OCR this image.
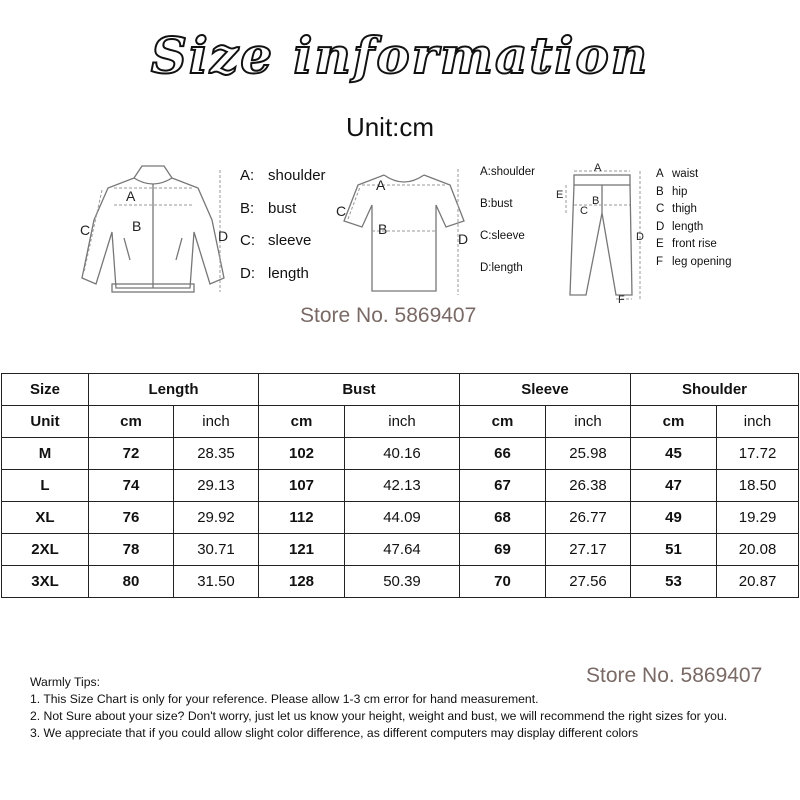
Size information
Unit:cm
A
B
C	D
A: shoulder
B: bust
C: sleeve
D: length
A
B
C
D
A: shoulder
B: bust
C: sleeve
D: length
A
B
C
D
E
F
A waist
B hip
C thigh
D length
E front rise
F leg opening
Store No. 5869407
Size	Length		Bust		Sleeve		Shoulder	
Unit	cm	inch	cm	inch	cm	inch	cm	inch
M	72	28.35	102	40.16	66	25.98	45	17.72
L	74	29.13	107	42.13	67	26.38	47	18.50
XL	76	29.92	112	44.09	68	26.77	49	19.29
2XL	78	30.71	121	47.64	69	27.17	51	20.08
3XL	80	31.50	128	50.39	70	27.56	53	20.87
Store No. 5869407
Warmly Tips:
1. This Size Chart is only for your reference. Please allow 1-3 cm error for hand measurement.
2. Not Sure about your size? Don't worry, just let us know your height, weight and bust, we will recommend the right sizes for you.
3. We appreciate that if you could allow slight color difference, as different computers may display different colors
